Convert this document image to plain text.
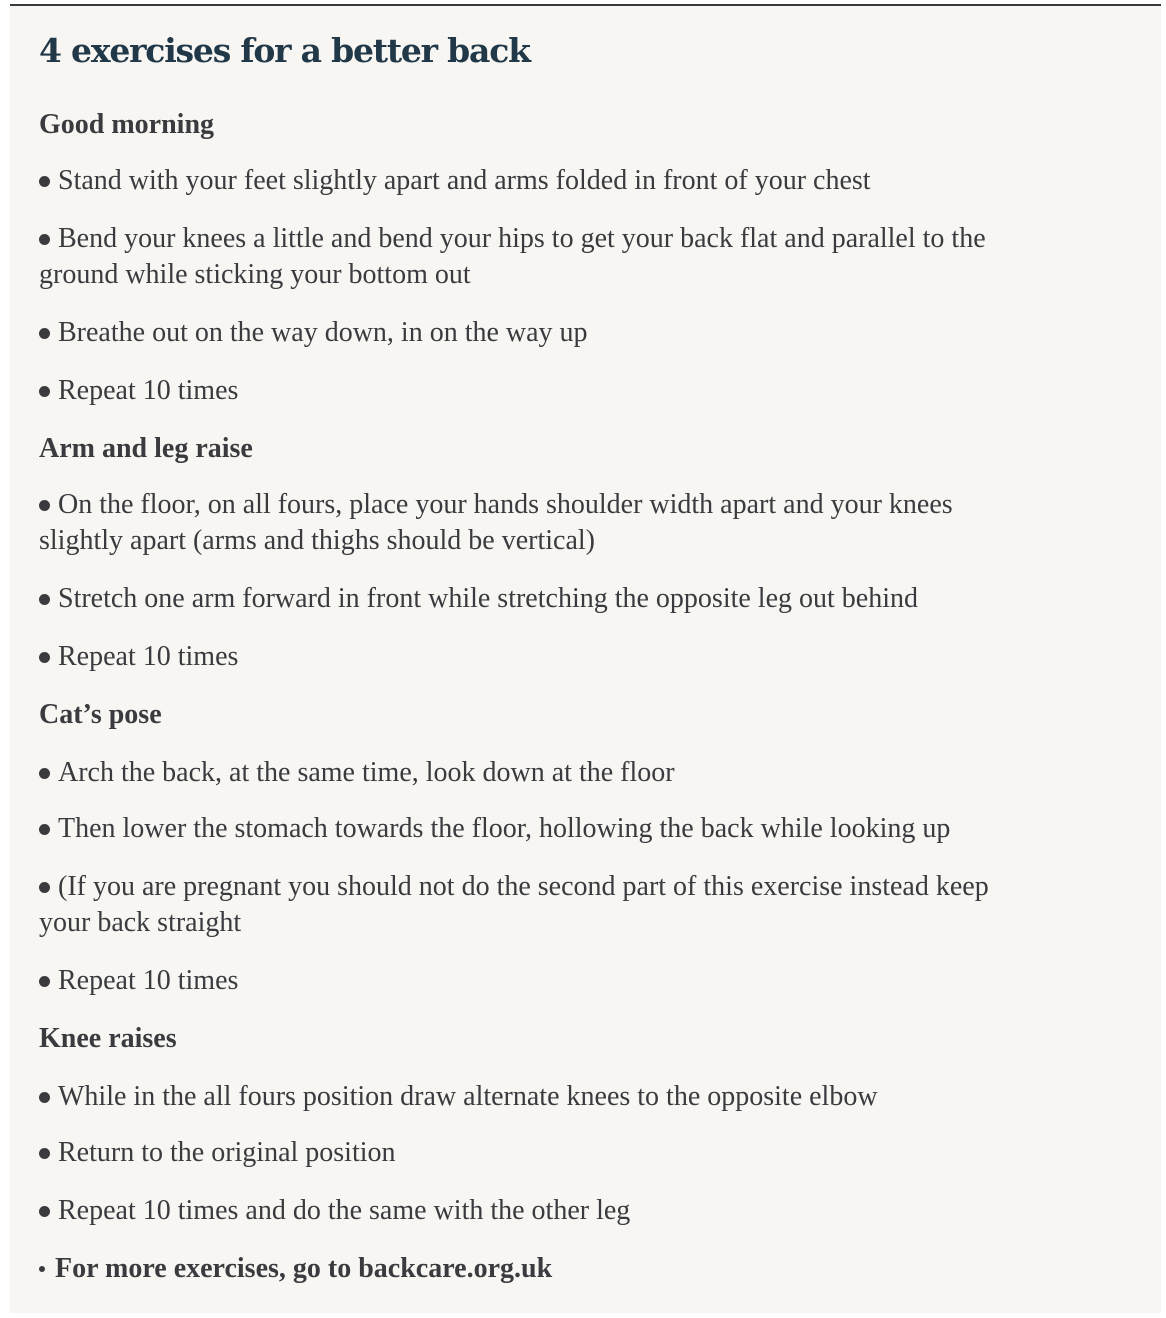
4 exercises for a better back
Good morning
Stand with your feet slightly apart and arms folded in front of your chest
Bend your knees a little and bend your hips to get your back flat and parallel to the
ground while sticking your bottom out
Breathe out on the way down, in on the way up
Repeat 10 times
Arm and leg raise
On the floor, on all fours, place your hands shoulder width apart and your knees
slightly apart (arms and thighs should be vertical)
Stretch one arm forward in front while stretching the opposite leg out behind
Repeat 10 times
Cat’s pose
Arch the back, at the same time, look down at the floor
Then lower the stomach towards the floor, hollowing the back while looking up
(If you are pregnant you should not do the second part of this exercise instead keep
your back straight
Repeat 10 times
Knee raises
While in the all fours position draw alternate knees to the opposite elbow
Return to the original position
Repeat 10 times and do the same with the other leg
For more exercises, go to backcare.org.uk
